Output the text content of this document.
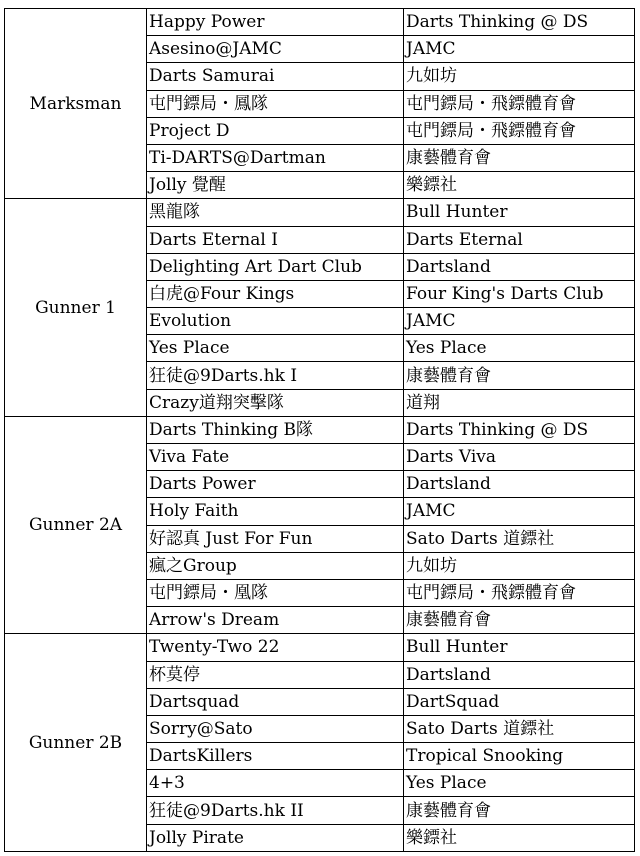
Marksman	Happy Power	Darts Thinking @ DS
	Asesino@JAMC	JAMC
	Darts Samurai	九如坊
	屯門鏢局・鳳隊	屯門鏢局・飛鏢體育會
	Project D	屯門鏢局・飛鏢體育會
	Ti-DARTS@Dartman	康藝體育會
	Jolly 覺醒	樂鏢社
Gunner 1	黑龍隊	Bull Hunter
	Darts Eternal I	Darts Eternal
	Delighting Art Dart Club	Dartsland
	白虎@Four Kings	Four King's Darts Club
	Evolution	JAMC
	Yes Place	Yes Place
	狂徒@9Darts.hk I	康藝體育會
	Crazy道翔突擊隊	道翔
Gunner 2A	Darts Thinking B隊	Darts Thinking @ DS
	Viva Fate	Darts Viva
	Darts Power	Dartsland
	Holy Faith	JAMC
	好認真 Just For Fun	Sato Darts 道鏢社
	瘋之Group	九如坊
	屯門鏢局・凰隊	屯門鏢局・飛鏢體育會
	Arrow's Dream	康藝體育會
Gunner 2B	Twenty-Two 22	Bull Hunter
	杯莫停	Dartsland
	Dartsquad	DartSquad
	Sorry@Sato	Sato Darts 道鏢社
	DartsKillers	Tropical Snooking
	4+3	Yes Place
	狂徒@9Darts.hk II	康藝體育會
	Jolly Pirate	樂鏢社
